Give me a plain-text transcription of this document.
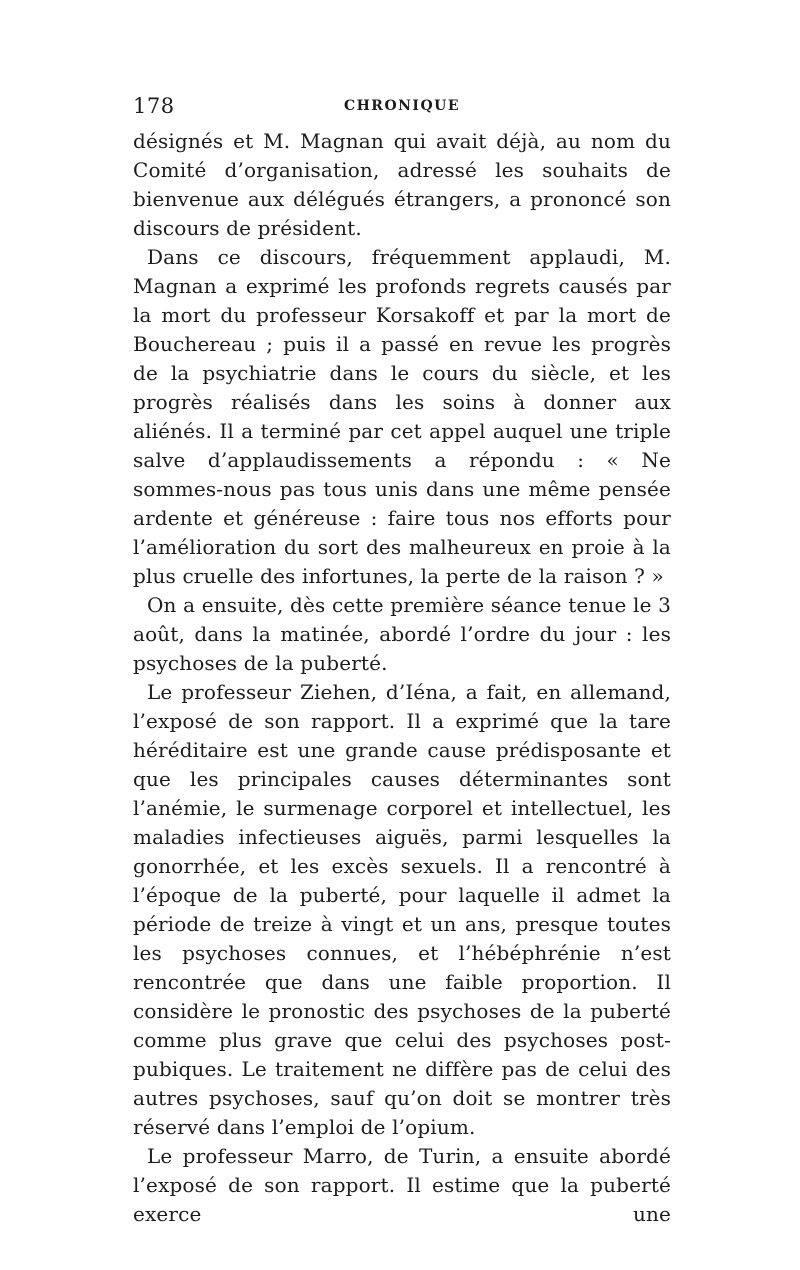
178	CHRONIQUE

désignés et M. Magnan qui avait déjà, au nom du Comité d’organisation, adressé les souhaits de bienvenue aux délégués étrangers, a prononcé son discours de président.

Dans ce discours, fréquemment applaudi, M. Magnan a exprimé les profonds regrets causés par la mort du professeur Korsakoff et par la mort de Bouchereau ; puis il a passé en revue les progrès de la psychiatrie dans le cours du siècle, et les progrès réalisés dans les soins à donner aux aliénés. Il a terminé par cet appel auquel une triple salve d’applaudissements a répondu : « Ne sommes-nous pas tous unis dans une même pensée ardente et généreuse : faire tous nos efforts pour l’amélioration du sort des malheureux en proie à la plus cruelle des infortunes, la perte de la raison ? »

On a ensuite, dès cette première séance tenue le 3 août, dans la matinée, abordé l’ordre du jour : les psychoses de la puberté.

Le professeur Ziehen, d’Iéna, a fait, en allemand, l’exposé de son rapport. Il a exprimé que la tare héréditaire est une grande cause prédisposante et que les principales causes déterminantes sont l’anémie, le surmenage corporel et intellectuel, les maladies infectieuses aiguës, parmi lesquelles la gonorrhée, et les excès sexuels. Il a rencontré à l’époque de la puberté, pour laquelle il admet la période de treize à vingt et un ans, presque toutes les psychoses connues, et l’hébéphrénie n’est rencontrée que dans une faible proportion. Il considère le pronostic des psychoses de la puberté comme plus grave que celui des psychoses post-pubiques. Le traitement ne diffère pas de celui des autres psychoses, sauf qu’on doit se montrer très réservé dans l’emploi de l’opium.

Le professeur Marro, de Turin, a ensuite abordé l’exposé de son rapport. Il estime que la puberté exerce une
